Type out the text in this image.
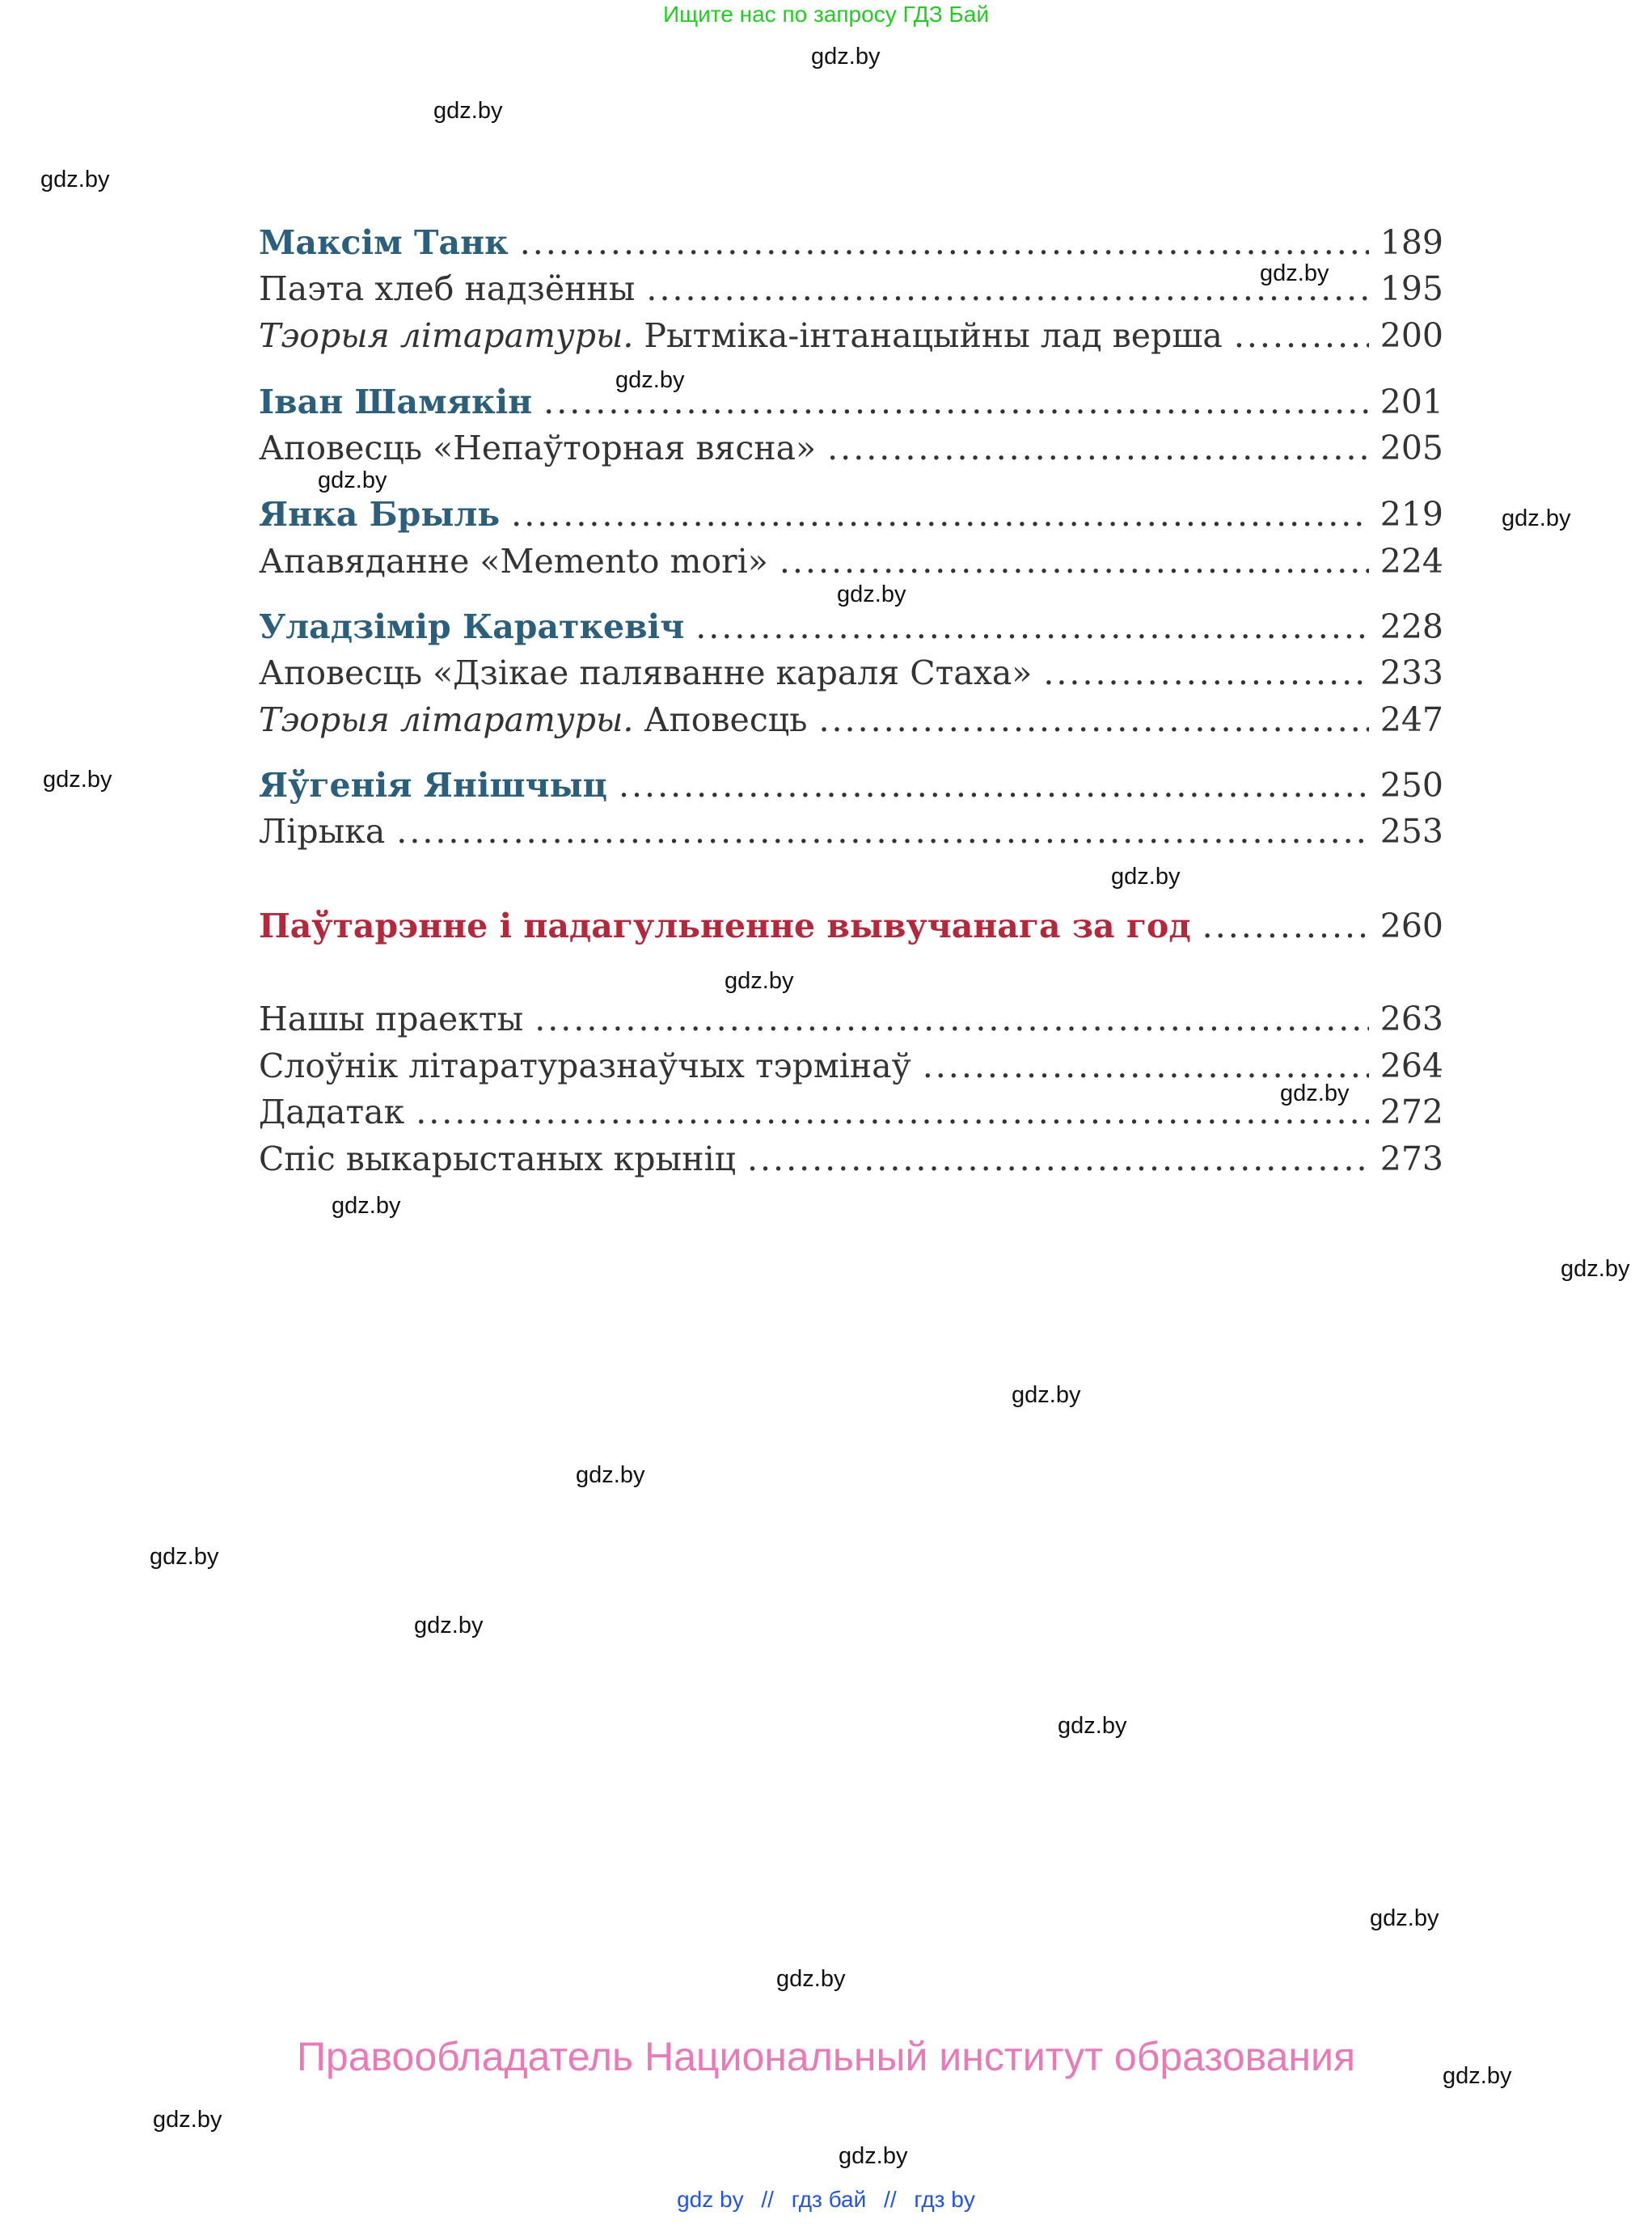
Ищите нас по запросу ГДЗ Бай
gdz.by
gdz.by
gdz.by
gdz.by
gdz.by
gdz.by
gdz.by
gdz.by
gdz.by
gdz.by
gdz.by
gdz.by
gdz.by
gdz.by
gdz.by
gdz.by
gdz.by
gdz.by
gdz.by
gdz.by
gdz.by
gdz.by
gdz.by
gdz.by
Максім Танк .....	189
Паэта хлеб надзённы .....	195
Тэорыя літаратуры. Рытміка-інтанацыйны лад верша .....	200
Іван Шамякін .....	201
Аповесць «Непаўторная вясна» .....	205
Янка Брыль .....	219
Апавяданне «Memento mori» .....	224
Уладзімір Караткевіч .....	228
Аповесць «Дзікае паляванне караля Стаха» .....	233
Тэорыя літаратуры. Аповесць .....	247
Яўгенія Янішчыц .....	250
Лірыка .....	253
Паўтарэнне і падагульненне вывучанага за год .....	260
Нашы праекты .....	263
Слоўнік літаратуразнаўчых тэрмінаў .....	264
Дадатак .....	272
Спіс выкарыстаных крыніц .....	273
Правообладатель Национальный институт образования
gdz by // гдз бай // гдз by
